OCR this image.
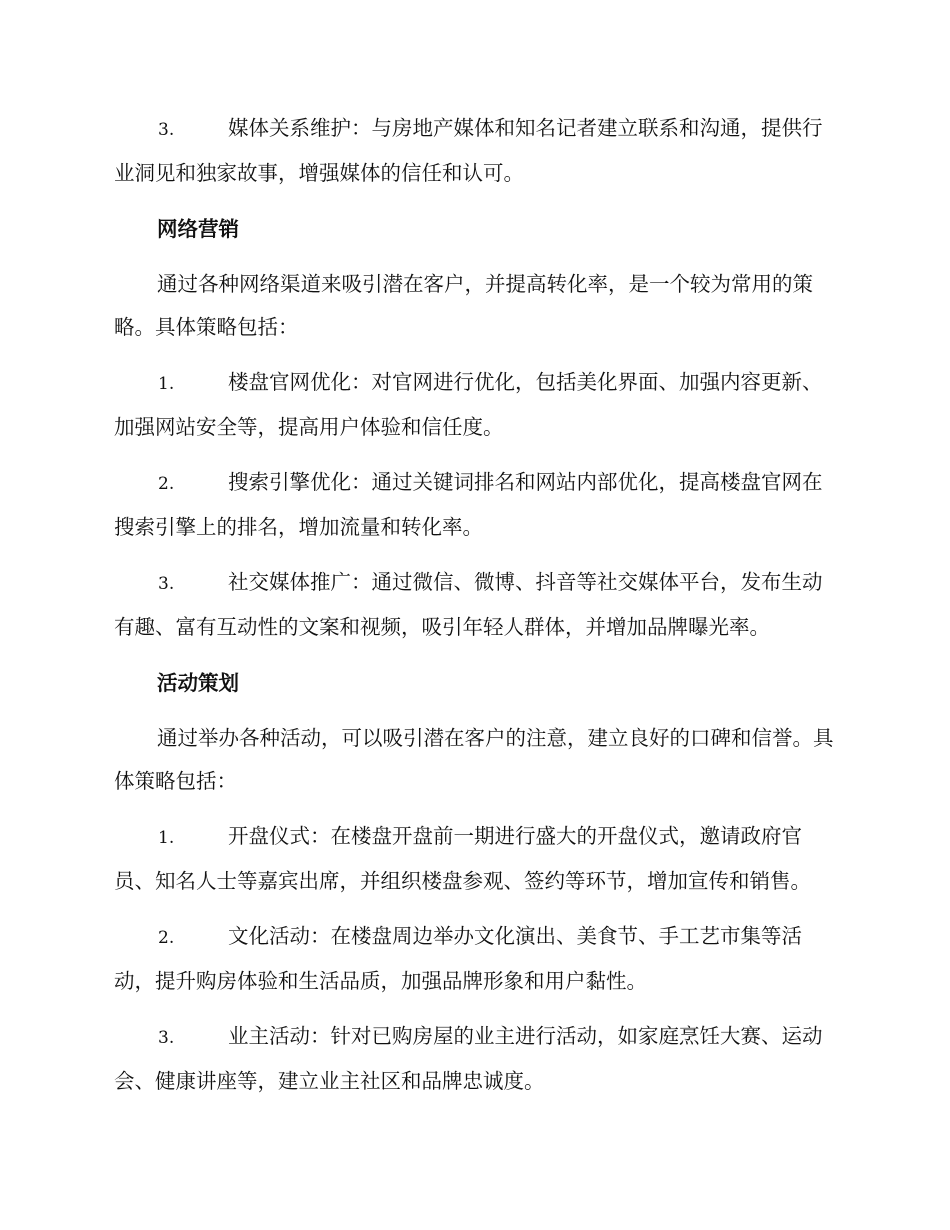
3.	媒体关系维护：与房地产媒体和知名记者建立联系和沟通，提供行业洞见和独家故事，增强媒体的信任和认可。

网络营销

通过各种网络渠道来吸引潜在客户，并提高转化率，是一个较为常用的策略。具体策略包括：

1.	楼盘官网优化：对官网进行优化，包括美化界面、加强内容更新、加强网站安全等，提高用户体验和信任度。

2.	搜索引擎优化：通过关键词排名和网站内部优化，提高楼盘官网在搜索引擎上的排名，增加流量和转化率。

3.	社交媒体推广：通过微信、微博、抖音等社交媒体平台，发布生动有趣、富有互动性的文案和视频，吸引年轻人群体，并增加品牌曝光率。

活动策划

通过举办各种活动，可以吸引潜在客户的注意，建立良好的口碑和信誉。具体策略包括：

1.	开盘仪式：在楼盘开盘前一期进行盛大的开盘仪式，邀请政府官员、知名人士等嘉宾出席，并组织楼盘参观、签约等环节，增加宣传和销售。

2.	文化活动：在楼盘周边举办文化演出、美食节、手工艺市集等活动，提升购房体验和生活品质，加强品牌形象和用户黏性。

3.	业主活动：针对已购房屋的业主进行活动，如家庭烹饪大赛、运动会、健康讲座等，建立业主社区和品牌忠诚度。
